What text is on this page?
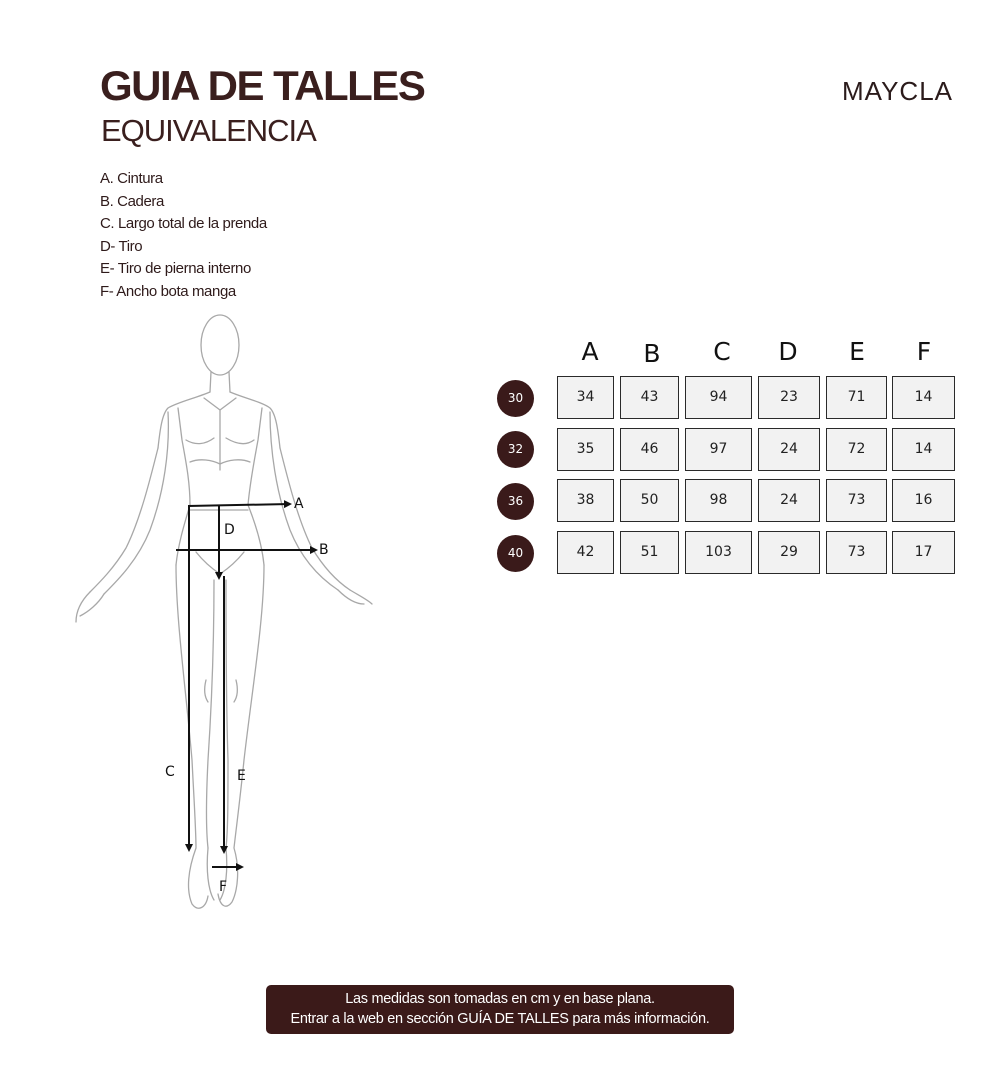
GUIA DE TALLES
EQUIVALENCIA
MAYCLA
A. Cintura
B. Cadera
C. Largo total de la prenda
D- Tiro
E- Tiro de pierna interno
F- Ancho bota manga
A
B
D
C	E
F
A	B	C	D	E	F
30	34	43	94	23	71	14
32	35	46	97	24	72	14
36	38	50	98	24	73	16
40	42	51	103	29	73	17
Las medidas son tomadas en cm y en base plana.
Entrar a la web en sección GUÍA DE TALLES para más información.
